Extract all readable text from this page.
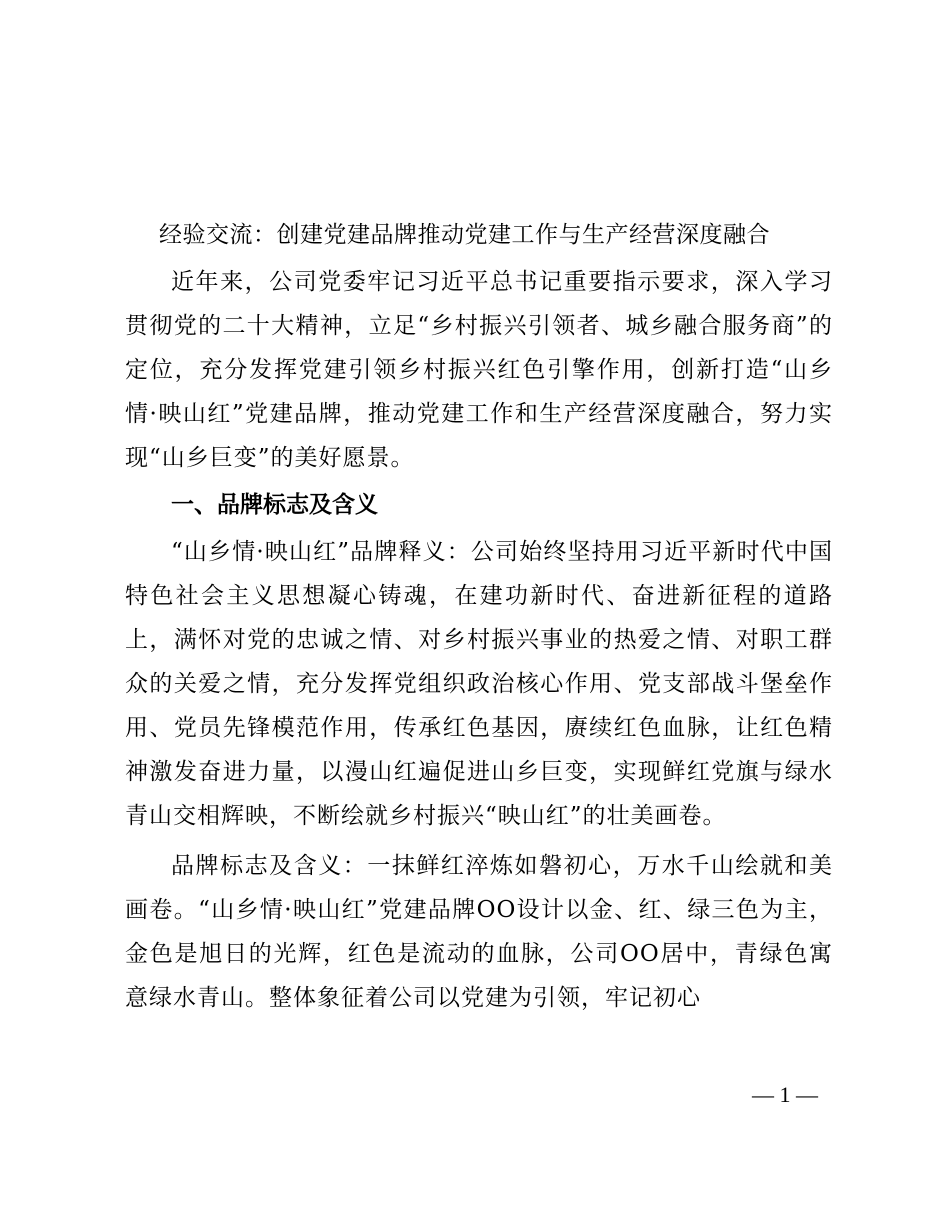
经验交流：创建党建品牌推动党建工作与生产经营深度融合

近年来，公司党委牢记习近平总书记重要指示要求，深入学习贯彻党的二十大精神，立足“乡村振兴引领者、城乡融合服务商”的定位，充分发挥党建引领乡村振兴红色引擎作用，创新打造“山乡情·映山红”党建品牌，推动党建工作和生产经营深度融合，努力实现“山乡巨变”的美好愿景。

一、品牌标志及含义

“山乡情·映山红”品牌释义：公司始终坚持用习近平新时代中国特色社会主义思想凝心铸魂，在建功新时代、奋进新征程的道路上，满怀对党的忠诚之情、对乡村振兴事业的热爱之情、对职工群众的关爱之情，充分发挥党组织政治核心作用、党支部战斗堡垒作用、党员先锋模范作用，传承红色基因，赓续红色血脉，让红色精神激发奋进力量，以漫山红遍促进山乡巨变，实现鲜红党旗与绿水青山交相辉映，不断绘就乡村振兴“映山红”的壮美画卷。

品牌标志及含义：一抹鲜红淬炼如磐初心，万水千山绘就和美画卷。“山乡情·映山红”党建品牌OO设计以金、红、绿三色为主，金色是旭日的光辉，红色是流动的血脉，公司OO居中，青绿色寓意绿水青山。整体象征着公司以党建为引领，牢记初心

— 1 —
